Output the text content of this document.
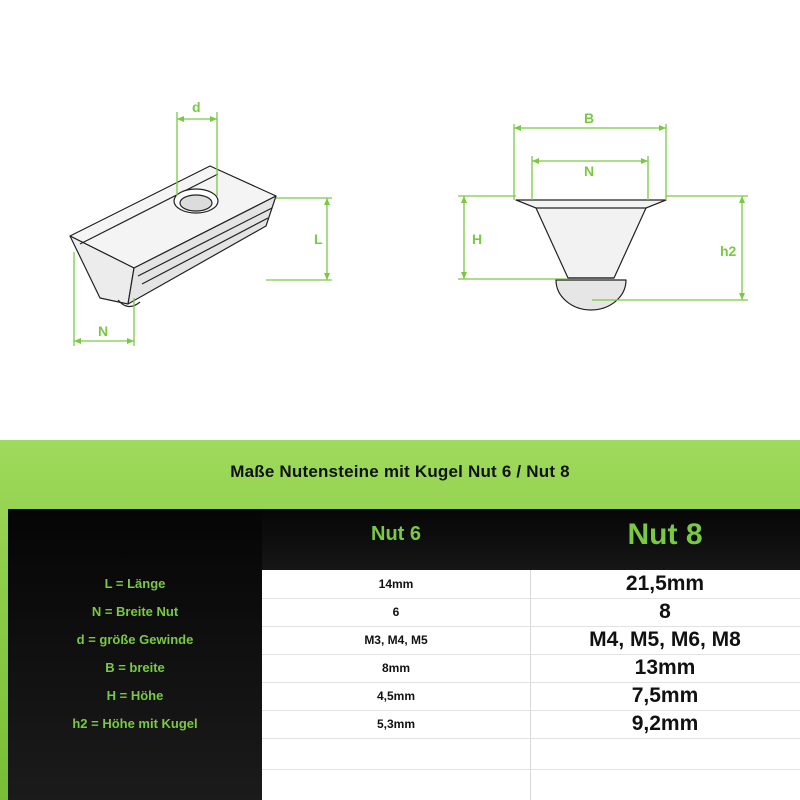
d
L
N
B
N
H
h2
Maße Nutensteine mit Kugel Nut 6 / Nut 8
Nut 6	Nut 8
L = Länge	14mm	21,5mm
N = Breite Nut	6	8
d = größe Gewinde	M3, M4, M5	M4, M5, M6, M8
B = breite	8mm	13mm
H = Höhe	4,5mm	7,5mm
h2 = Höhe mit Kugel	5,3mm	9,2mm
